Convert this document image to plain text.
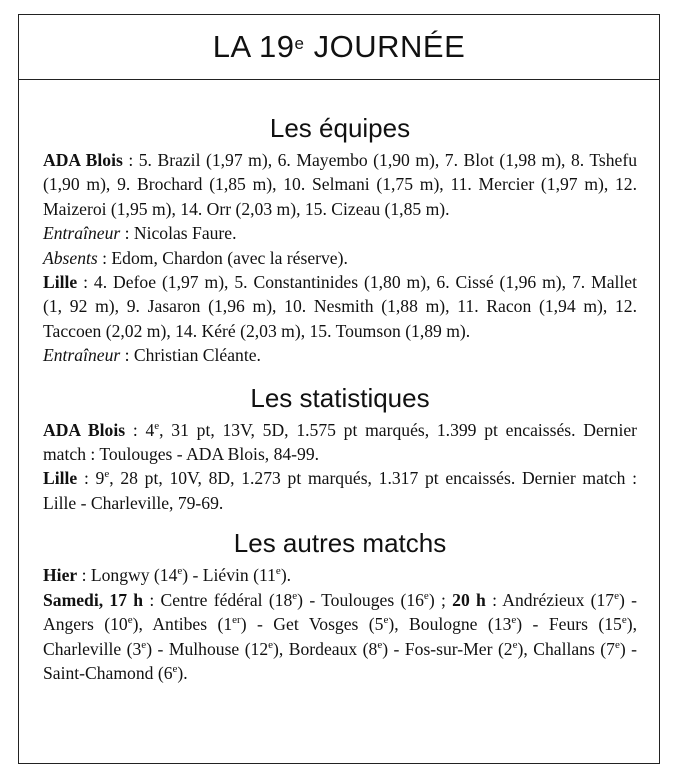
LA 19e JOURNÉE
Les équipes

ADA Blois : 5. Brazil (1,97 m), 6. Mayembo (1,90 m), 7. Blot (1,98 m), 8. Tshefu (1,90 m), 9. Brochard (1,85 m), 10. Selmani (1,75 m), 11. Mercier (1,97 m), 12. Maizeroi (1,95 m), 14. Orr (2,03 m), 15. Cizeau (1,85 m).

Entraîneur : Nicolas Faure.

Absents : Edom, Chardon (avec la réserve).

Lille : 4. Defoe (1,97 m), 5. Constantinides (1,80 m), 6. Cissé (1,96 m), 7. Mallet (1, 92 m), 9. Jasaron (1,96 m), 10. Nesmith (1,88 m), 11. Racon (1,94 m), 12. Taccoen (2,02 m), 14. Kéré (2,03 m), 15. Toumson (1,89 m).

Entraîneur : Christian Cléante.

Les statistiques

ADA Blois : 4e, 31 pt, 13V, 5D, 1.575 pt marqués, 1.399 pt encaissés. Dernier match : Toulouges - ADA Blois, 84-99.

Lille : 9e, 28 pt, 10V, 8D, 1.273 pt marqués, 1.317 pt encaissés. Dernier match : Lille - Charleville, 79-69.

Les autres matchs

Hier : Longwy (14e) - Liévin (11e).

Samedi, 17 h : Centre fédéral (18e) - Toulouges (16e) ; 20 h : Andrézieux (17e) - Angers (10e), Antibes (1er) - Get Vosges (5e), Boulogne (13e) - Feurs (15e), Charleville (3e) - Mulhouse (12e), Bordeaux (8e) - Fos-sur-Mer (2e), Challans (7e) - Saint-Chamond (6e).
